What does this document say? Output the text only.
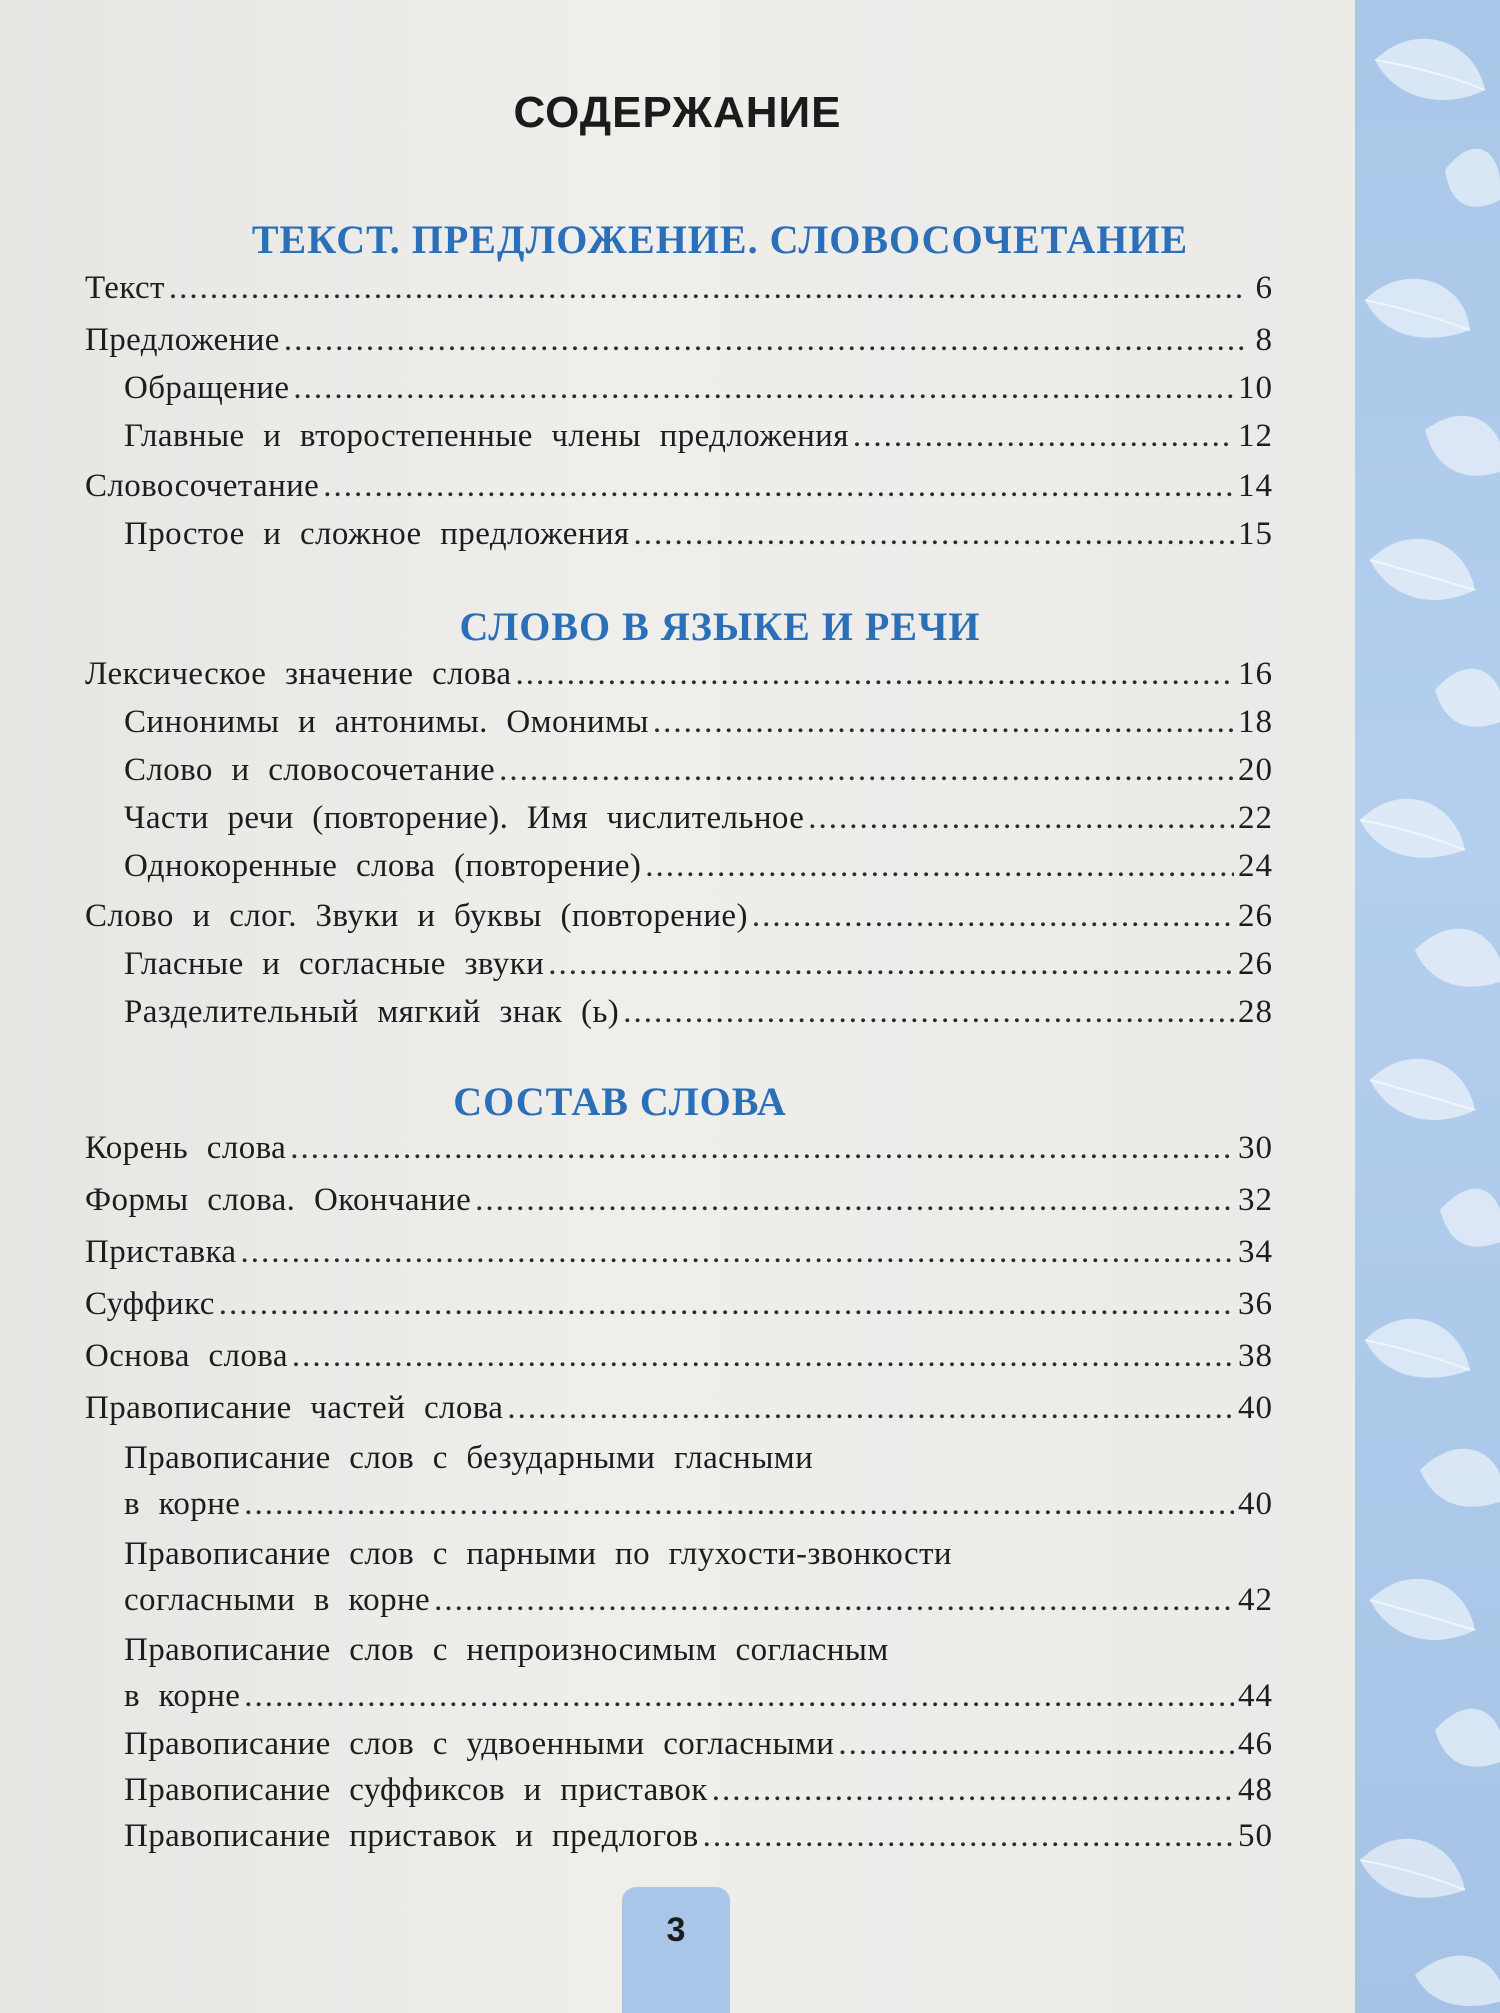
СОДЕРЖАНИЕ
ТЕКСТ. ПРЕДЛОЖЕНИЕ. СЛОВОСОЧЕТАНИЕ
Текст .....	6
Предложение .....	8
Обращение .....	10
Главные и второстепенные члены предложения .....	12
Словосочетание .....	14
Простое и сложное предложения .....	15
СЛОВО В ЯЗЫКЕ И РЕЧИ
Лексическое значение слова .....	16
Синонимы и антонимы. Омонимы .....	18
Слово и словосочетание .....	20
Части речи (повторение). Имя числительное .....	22
Однокоренные слова (повторение) .....	24
Слово и слог. Звуки и буквы (повторение) .....	26
Гласные и согласные звуки .....	26
Разделительный мягкий знак (ь) .....	28
СОСТАВ СЛОВА
Корень слова .....	30
Формы слова. Окончание .....	32
Приставка .....	34
Суффикс .....	36
Основа слова .....	38
Правописание частей слова .....	40
Правописание слов с безударными гласными
в корне .....	40
Правописание слов с парными по глухости-звонкости
согласными в корне .....	42
Правописание слов с непроизносимым согласным
в корне .....	44
Правописание слов с удвоенными согласными .....	46
Правописание суффиксов и приставок .....	48
Правописание приставок и предлогов .....	50
3
